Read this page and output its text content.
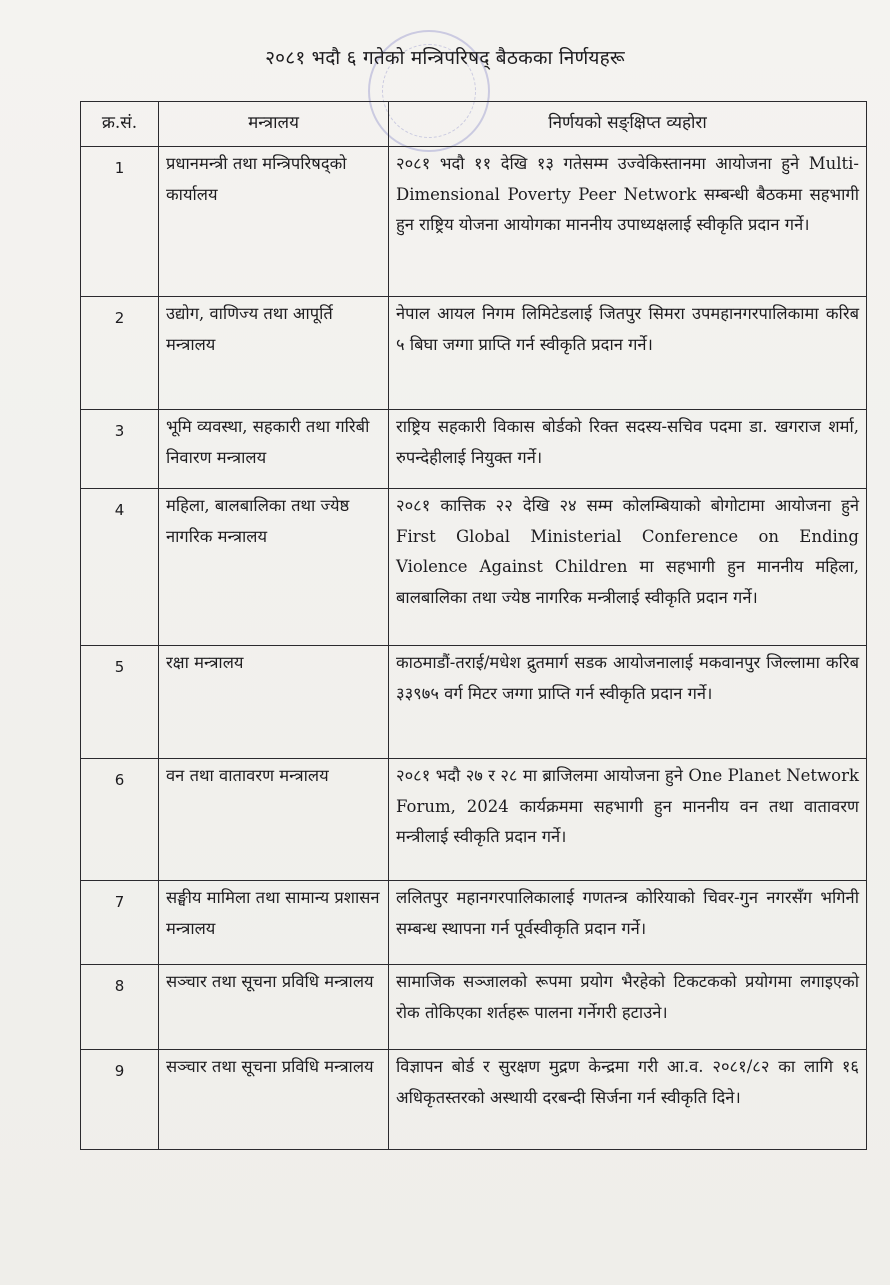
२०८१ भदौ ६ गतेको मन्त्रिपरिषद् बैठकका निर्णयहरू
क्र.सं.	मन्त्रालय	निर्णयको सङ्क्षिप्त व्यहोरा
1	प्रधानमन्त्री तथा मन्त्रिपरिषद्को कार्यालय	२०८१ भदौ ११ देखि १३ गतेसम्म उज्वेकिस्तानमा आयोजना हुने Multi-Dimensional Poverty Peer Network सम्बन्धी बैठकमा सहभागी हुन राष्ट्रिय योजना आयोगका माननीय उपाध्यक्षलाई स्वीकृति प्रदान गर्ने।
2	उद्योग, वाणिज्य तथा आपूर्ति मन्त्रालय	नेपाल आयल निगम लिमिटेडलाई जितपुर सिमरा उपमहानगरपालिकामा करिब ५ बिघा जग्गा प्राप्ति गर्न स्वीकृति प्रदान गर्ने।
3	भूमि व्यवस्था, सहकारी तथा गरिबी निवारण मन्त्रालय	राष्ट्रिय सहकारी विकास बोर्डको रिक्त सदस्य-सचिव पदमा डा. खगराज शर्मा, रुपन्देहीलाई नियुक्त गर्ने।
4	महिला, बालबालिका तथा ज्येष्ठ नागरिक मन्त्रालय	२०८१ कात्तिक २२ देखि २४ सम्म कोलम्बियाको बोगोटामा आयोजना हुने First Global Ministerial Conference on Ending Violence Against Children मा सहभागी हुन माननीय महिला, बालबालिका तथा ज्येष्ठ नागरिक मन्त्रीलाई स्वीकृति प्रदान गर्ने।
5	रक्षा मन्त्रालय	काठमाडौं-तराई/मधेश द्रुतमार्ग सडक आयोजनालाई मकवानपुर जिल्लामा करिब ३३९७५ वर्ग मिटर जग्गा प्राप्ति गर्न स्वीकृति प्रदान गर्ने।
6	वन तथा वातावरण मन्त्रालय	२०८१ भदौ २७ र २८ मा ब्राजिलमा आयोजना हुने One Planet Network Forum, 2024 कार्यक्रममा सहभागी हुन माननीय वन तथा वातावरण मन्त्रीलाई स्वीकृति प्रदान गर्ने।
7	सङ्घीय मामिला तथा सामान्य प्रशासन मन्त्रालय	ललितपुर महानगरपालिकालाई गणतन्त्र कोरियाको चिवर-गुन नगरसँग भगिनी सम्बन्ध स्थापना गर्न पूर्वस्वीकृति प्रदान गर्ने।
8	सञ्चार तथा सूचना प्रविधि मन्त्रालय	सामाजिक सञ्जालको रूपमा प्रयोग भैरहेको टिकटकको प्रयोगमा लगाइएको रोक तोकिएका शर्तहरू पालना गर्नेगरी हटाउने।
9	सञ्चार तथा सूचना प्रविधि मन्त्रालय	विज्ञापन बोर्ड र सुरक्षण मुद्रण केन्द्रमा गरी आ.व. २०८१/८२ का लागि १६ अधिकृतस्तरको अस्थायी दरबन्दी सिर्जना गर्न स्वीकृति दिने।
